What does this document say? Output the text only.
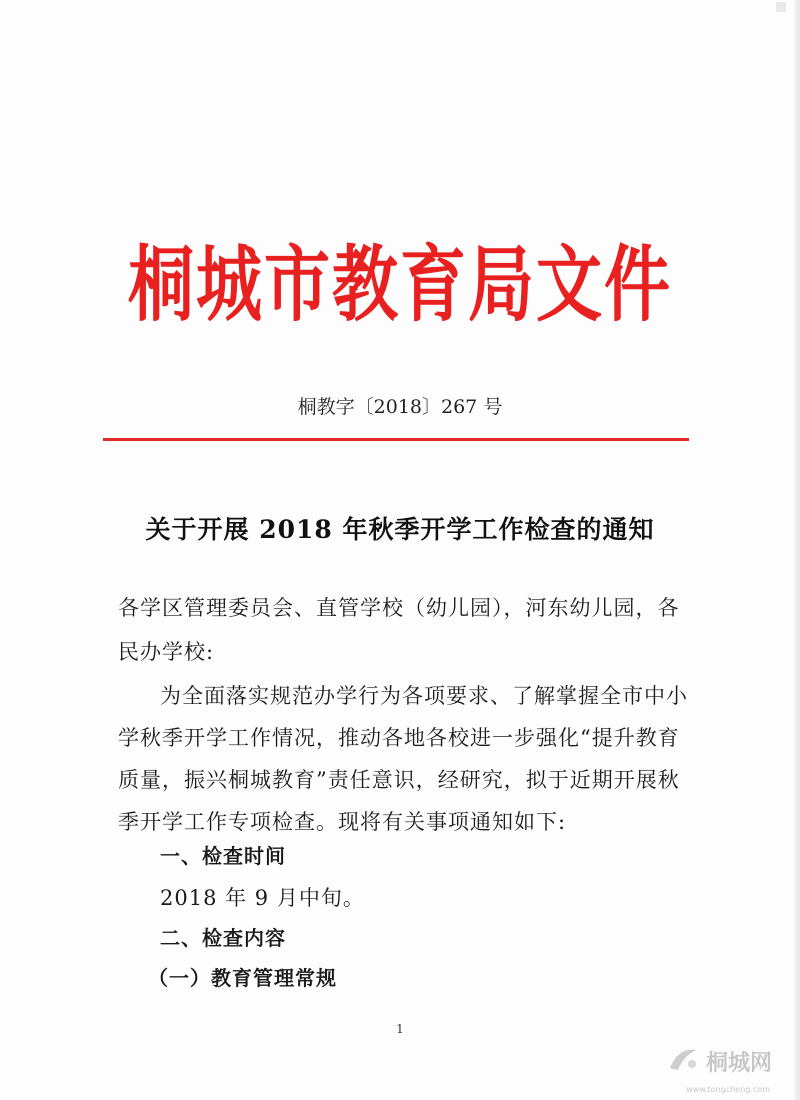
桐城市教育局文件
桐教字〔2018〕267 号
关于开展 2018 年秋季开学工作检查的通知
各学区管理委员会、直管学校（幼儿园），河东幼儿园，各
民办学校:
为全面落实规范办学行为各项要求、了解掌握全市中小
学秋季开学工作情况，推动各地各校进一步强化“提升教育
质量，振兴桐城教育”责任意识，经研究，拟于近期开展秋
季开学工作专项检查。现将有关事项通知如下:
一、检查时间
2018 年 9 月中旬。
二、检查内容
（一）教育管理常规
1
桐城网
www.tongcheng.com
